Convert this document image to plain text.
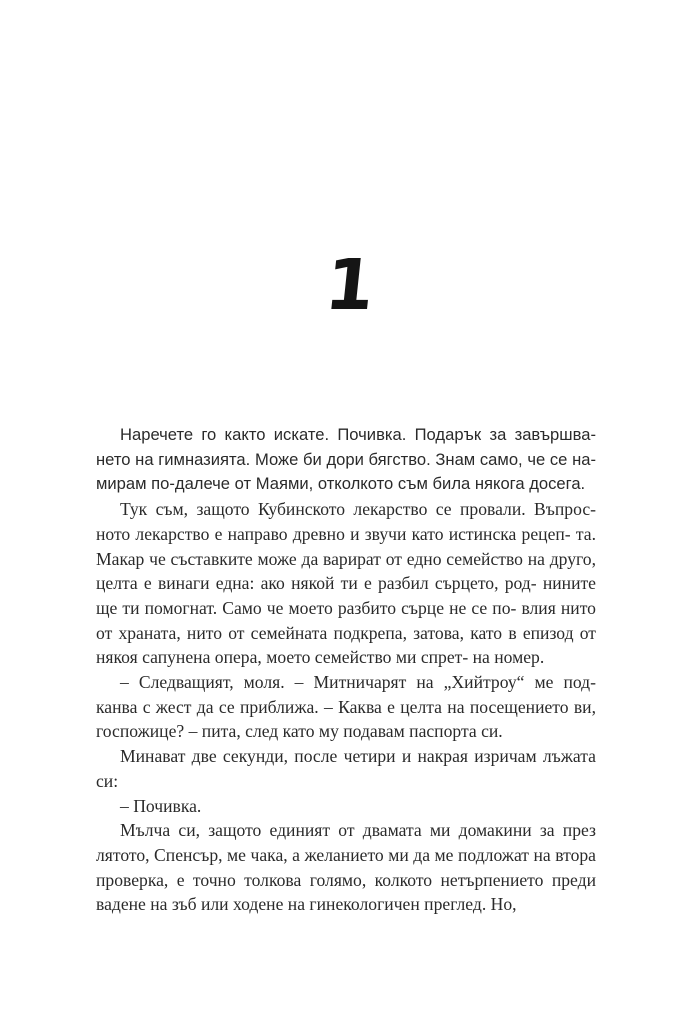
1

Наречете го както искате. Почивка. Подарък за завършва- нето на гимназията. Може би дори бягство. Знам само, че се на- мирам по-далече от Маями, отколкото съм била някога досега.

Тук съм, защото Кубинското лекарство се провали. Въпрос- ното лекарство е направо древно и звучи като истинска рецеп- та. Макар че съставките може да варират от едно семейство на друго, целта е винаги една: ако някой ти е разбил сърцето, род- нините ще ти помогнат. Само че моето разбито сърце не се по- влия нито от храната, нито от семейната подкрепа, затова, като в епизод от някоя сапунена опера, моето семейство ми спрет- на номер.

– Следващият, моля. – Митничарят на „Хийтроу“ ме под- канва с жест да се приближа. – Каква е целта на посещението ви, госпожице? – пита, след като му подавам паспорта си.

Минават две секунди, после четири и накрая изричам лъжата си:

– Почивка.

Мълча си, защото единият от двамата ми домакини за през лятото, Спенсър, ме чака, а желанието ми да ме подложат на втора проверка, е точно толкова голямо, колкото нетърпението преди вадене на зъб или ходене на гинекологичен преглед. Но,
